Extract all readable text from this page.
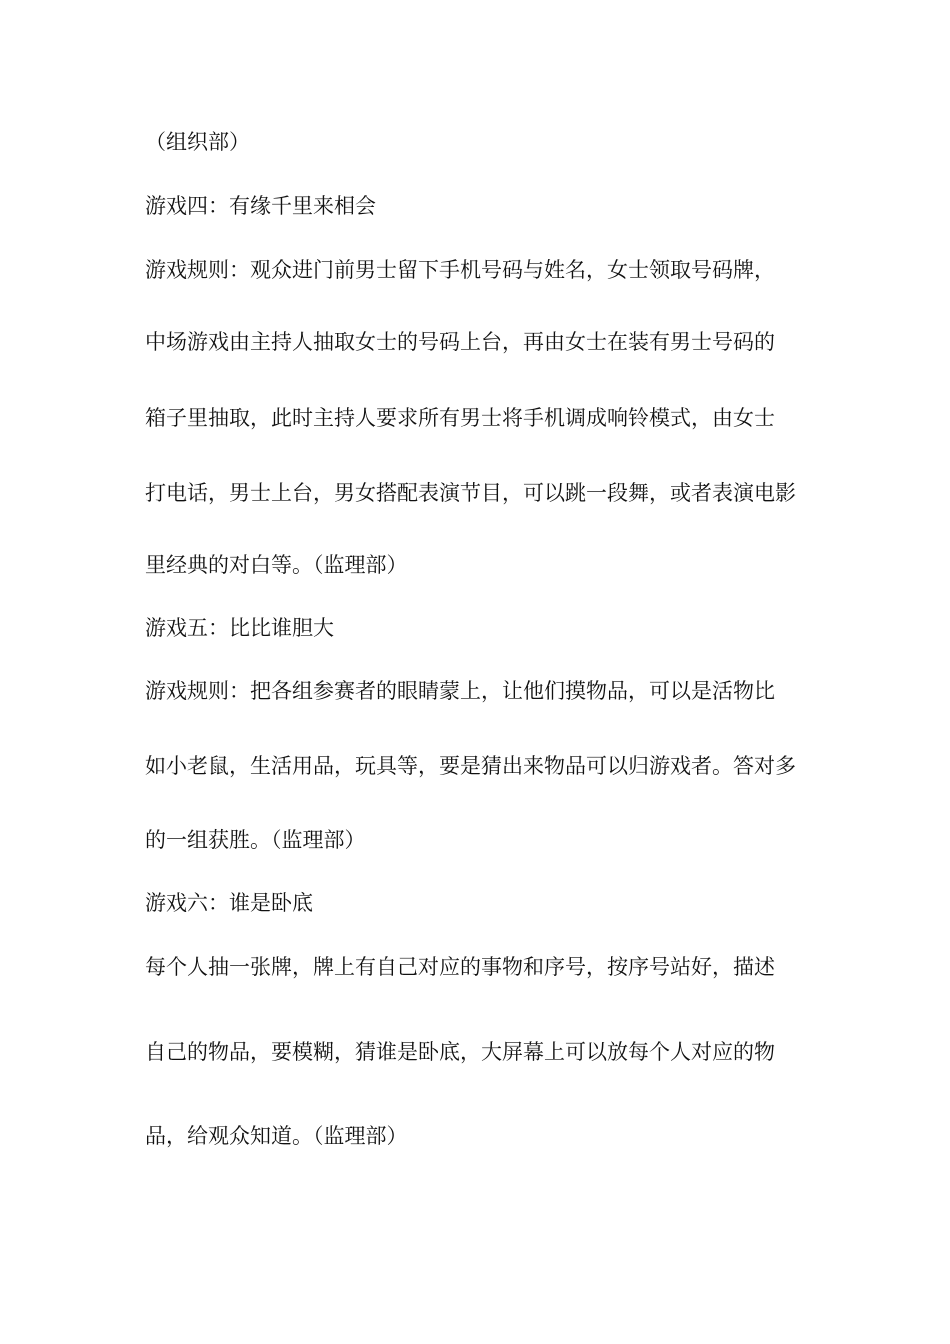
（组织部）
游戏四：有缘千里来相会
游戏规则：观众进门前男士留下手机号码与姓名，女士领取号码牌，
中场游戏由主持人抽取女士的号码上台，再由女士在装有男士号码的
箱子里抽取，此时主持人要求所有男士将手机调成响铃模式，由女士
打电话，男士上台，男女搭配表演节目，可以跳一段舞，或者表演电影
里经典的对白等。（监理部）
游戏五：比比谁胆大
游戏规则：把各组参赛者的眼睛蒙上，让他们摸物品，可以是活物比
如小老鼠，生活用品，玩具等，要是猜出来物品可以归游戏者。答对多
的一组获胜。（监理部）
游戏六：谁是卧底
每个人抽一张牌，牌上有自己对应的事物和序号，按序号站好，描述
自己的物品，要模糊，猜谁是卧底，大屏幕上可以放每个人对应的物
品，给观众知道。（监理部）
